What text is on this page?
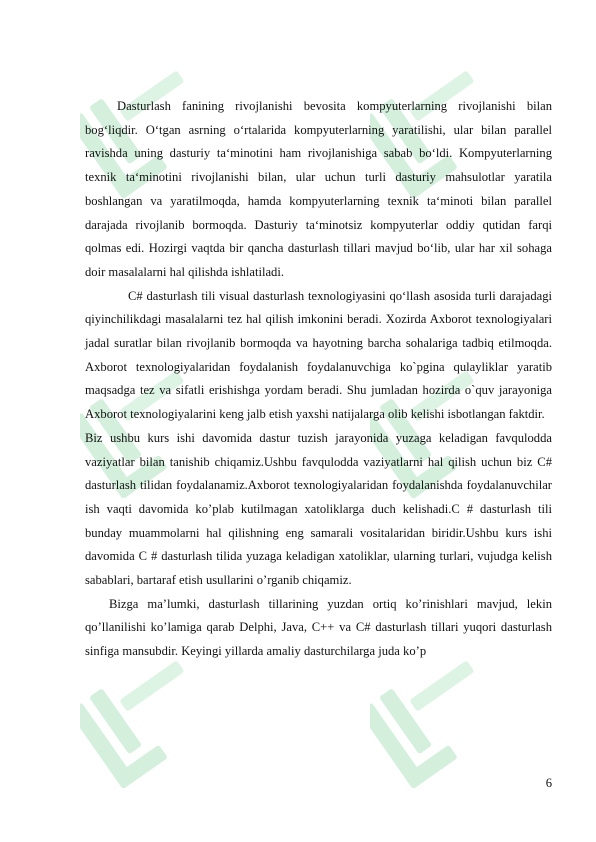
Dasturlash fanining rivojlanishi bevosita kompyuterlarning rivojlanishi bilan bog‘liqdir. O‘tgan asrning o‘rtalarida kompyuterlarning yaratilishi, ular bilan parallel ravishda uning dasturiy ta‘minotini ham rivojlanishiga sabab bo‘ldi. Kompyuterlarning texnik ta‘minotini rivojlanishi bilan, ular uchun turli dasturiy mahsulotlar yaratila boshlangan va yaratilmoqda, hamda kompyuterlarning texnik ta‘minoti bilan parallel darajada rivojlanib bormoqda. Dasturiy ta‘minotsiz kompyuterlar oddiy qutidan farqi qolmas edi. Hozirgi vaqtda bir qancha dasturlash tillari mavjud bo‘lib, ular har xil sohaga doir masalalarni hal qilishda ishlatiladi.

C# dasturlash tili visual dasturlash texnologiyasini qo‘llash asosida turli darajadagi qiyinchilikdagi masalalarni tez hal qilish imkonini beradi. Xozirda Axborot texnologiyalari jadal suratlar bilan rivojlanib bormoqda va hayotning barcha sohalariga tadbiq etilmoqda. Axborot texnologiyalaridan foydalanish foydalanuvchiga ko`pgina qulayliklar yaratib maqsadga tez va sifatli erishishga yordam beradi. Shu jumladan hozirda o`quv jarayoniga Axborot texnologiyalarini keng jalb etish yaxshi natijalarga olib kelishi isbotlangan faktdir.

Biz ushbu kurs ishi davomida dastur tuzish jarayonida yuzaga keladigan favqulodda vaziyatlar bilan tanishib chiqamiz.Ushbu favqulodda vaziyatlarni hal qilish uchun biz C# dasturlash tilidan foydalanamiz.Axborot texnologiyalaridan foydalanishda foydalanuvchilar ish vaqti davomida ko’plab kutilmagan xatoliklarga duch kelishadi.C # dasturlash tili bunday muammolarni hal qilishning eng samarali vositalaridan biridir.Ushbu kurs ishi davomida C # dasturlash tilida yuzaga keladigan xatoliklar, ularning turlari, vujudga kelish sabablari, bartaraf etish usullarini o’rganib chiqamiz.

Bizga ma’lumki, dasturlash tillarining yuzdan ortiq ko’rinishlari mavjud, lekin qo’llanilishi ko’lamiga qarab Delphi, Java, C++ va C# dasturlash tillari yuqori dasturlash sinfiga mansubdir. Keyingi yillarda amaliy dasturchilarga juda ko’p

6
